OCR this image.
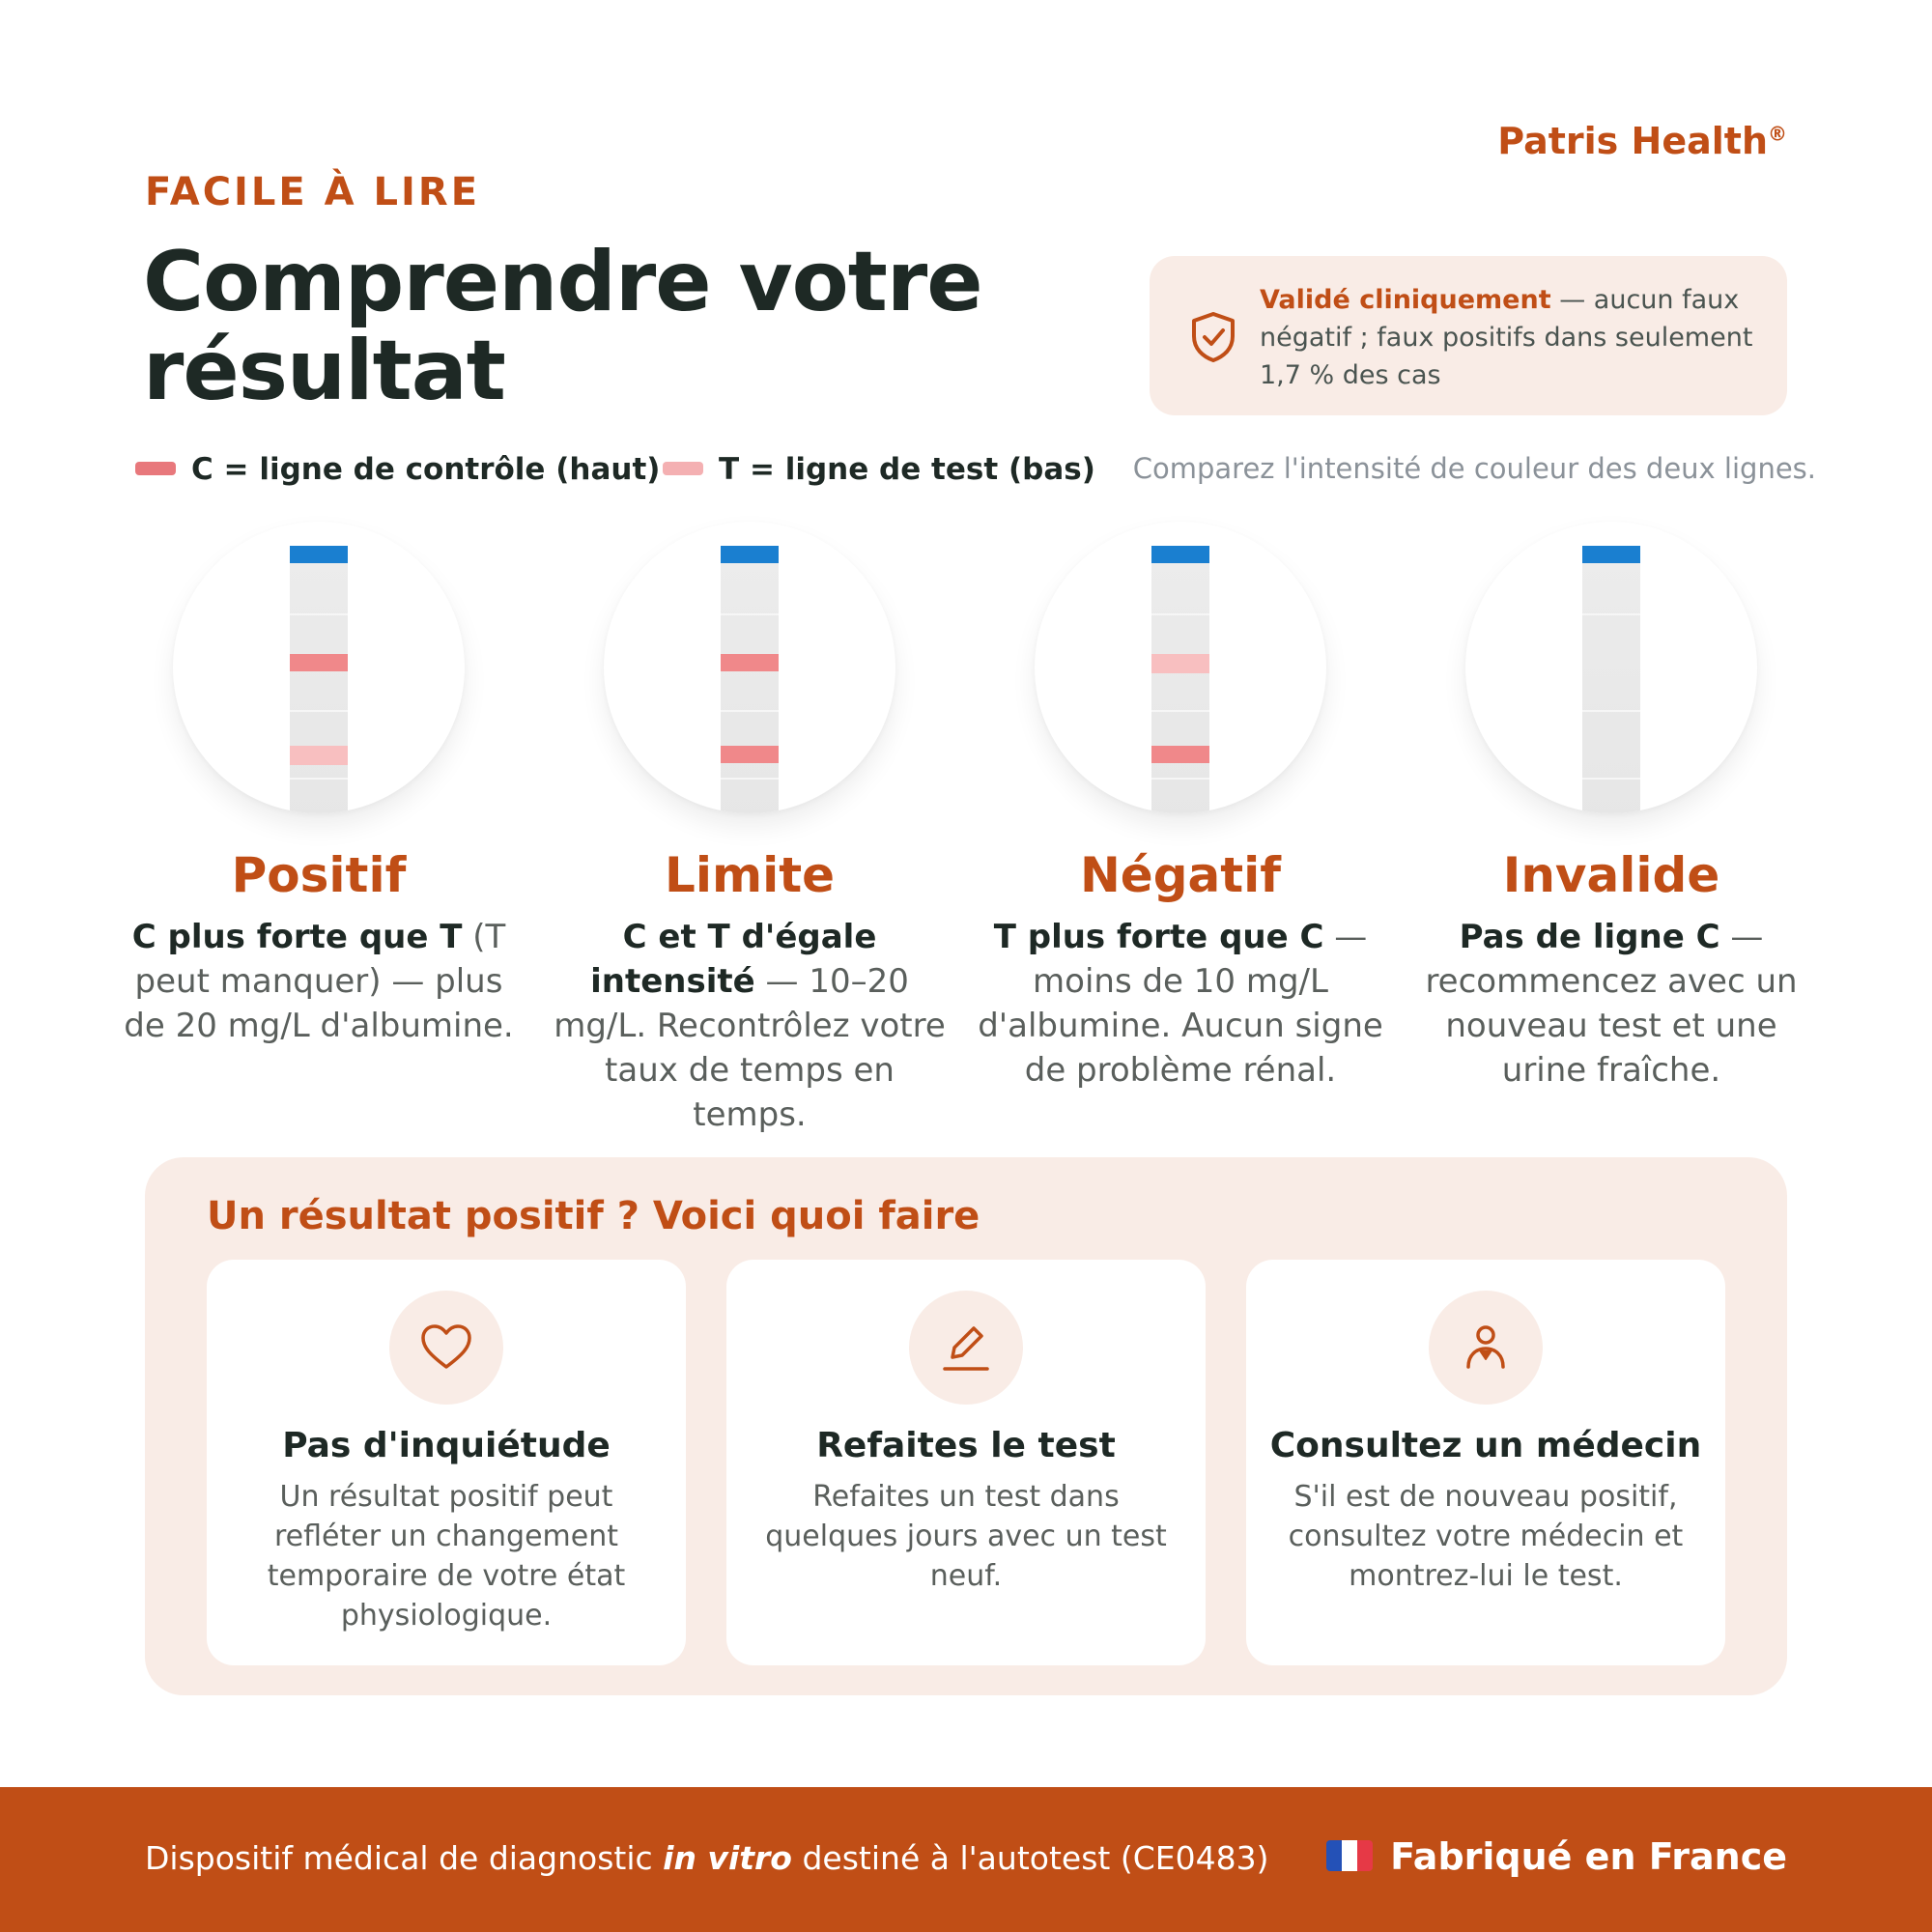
Patris Health®
FACILE À LIRE
Comprendre votre
résultat
Validé cliniquement — aucun faux négatif ; faux positifs dans seulement 1,7 % des cas
C = ligne de contrôle (haut)	T = ligne de test (bas) Comparez l'intensité de couleur des deux lignes.
Positif

C plus forte que T (T peut manquer) — plus de 20 mg/L d'albumine.

Limite

C et T d'égale intensité — 10–20 mg/L. Recontrôlez votre taux de temps en temps.

Négatif

T plus forte que C — moins de 10 mg/L d'albumine. Aucun signe de problème rénal.

Invalide

Pas de ligne C — recommencez avec un nouveau test et une urine fraîche.

Un résultat positif ? Voici quoi faire
Pas d'inquiétude

Un résultat positif peut refléter un changement temporaire de votre état physiologique.

Refaites le test

Refaites un test dans quelques jours avec un test neuf.

Consultez un médecin

S'il est de nouveau positif, consultez votre médecin et montrez-lui le test.

Dispositif médical de diagnostic in vitro destiné à l'autotest (CE0483)	Fabriqué en France
